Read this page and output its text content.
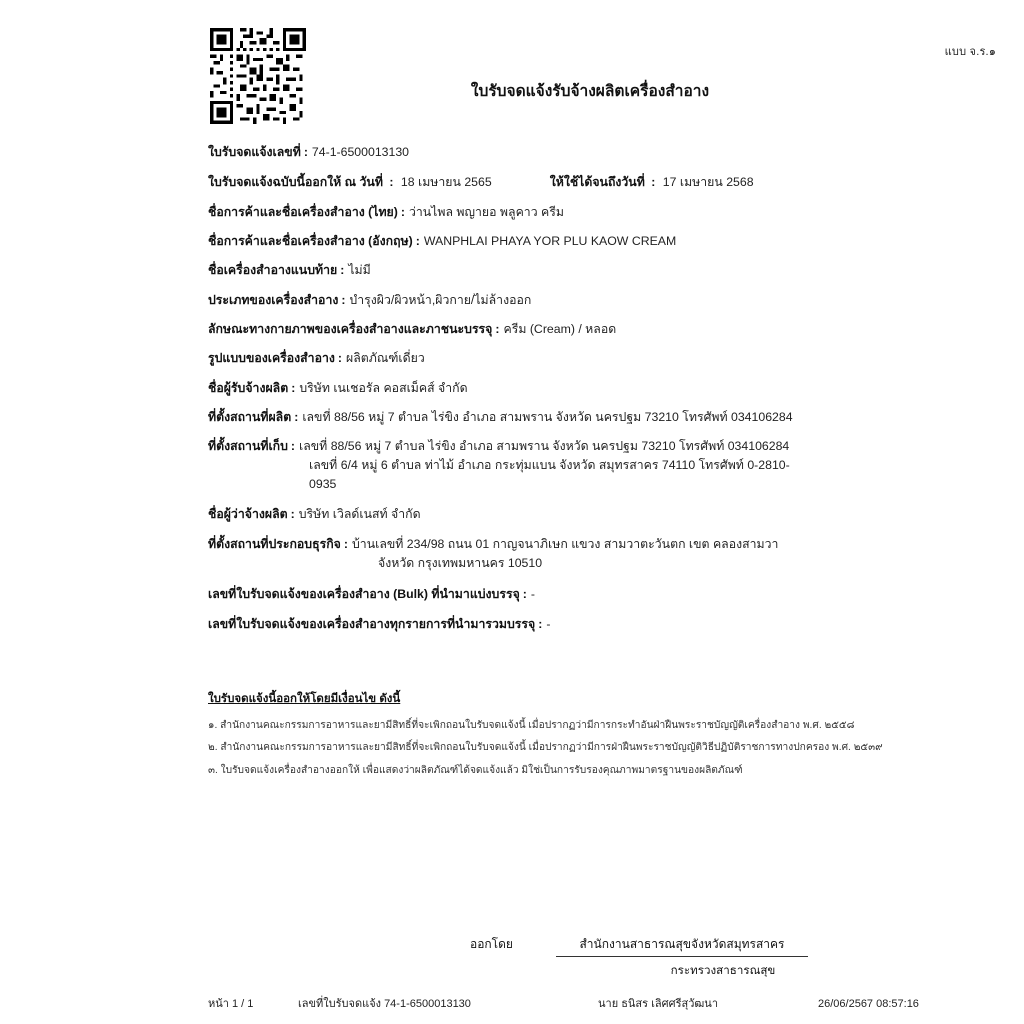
แบบ จ.ร.๑
ใบรับจดแจ้งรับจ้างผลิตเครื่องสำอาง
ใบรับจดแจ้งเลขที่ : 74-1-6500013130
ใบรับจดแจ้งฉบับนี้ออกให้ ณ วันที่ : 18 เมษายน 2565	ให้ใช้ได้จนถึงวันที่ : 17 เมษายน 2568
ชื่อการค้าและชื่อเครื่องสำอาง (ไทย) : ว่านไพล พญายอ พลูคาว ครีม
ชื่อการค้าและชื่อเครื่องสำอาง (อังกฤษ) : WANPHLAI PHAYA YOR PLU KAOW CREAM
ชื่อเครื่องสำอางแนบท้าย : ไม่มี
ประเภทของเครื่องสำอาง : บำรุงผิว/ผิวหน้า,ผิวกาย/ไม่ล้างออก
ลักษณะทางกายภาพของเครื่องสำอางและภาชนะบรรจุ : ครีม (Cream) / หลอด
รูปแบบของเครื่องสำอาง : ผลิตภัณฑ์เดี่ยว
ชื่อผู้รับจ้างผลิต : บริษัท เนเชอรัล คอสเม็คส์ จำกัด
ที่ตั้งสถานที่ผลิต : เลขที่ 88/56 หมู่ 7 ตำบล ไร่ขิง อำเภอ สามพราน จังหวัด นครปฐม 73210 โทรศัพท์ 034106284
ที่ตั้งสถานที่เก็บ : เลขที่ 88/56 หมู่ 7 ตำบล ไร่ขิง อำเภอ สามพราน จังหวัด นครปฐม 73210 โทรศัพท์ 034106284
เลขที่ 6/4 หมู่ 6 ตำบล ท่าไม้ อำเภอ กระทุ่มแบน จังหวัด สมุทรสาคร 74110 โทรศัพท์ 0-2810-
0935
ชื่อผู้ว่าจ้างผลิต : บริษัท เวิลด์เนสท์ จำกัด
ที่ตั้งสถานที่ประกอบธุรกิจ : บ้านเลขที่ 234/98 ถนน 01 กาญจนาภิเษก แขวง สามวาตะวันตก เขต คลองสามวา
จังหวัด กรุงเทพมหานคร 10510
เลขที่ใบรับจดแจ้งของเครื่องสำอาง (Bulk) ที่นำมาแบ่งบรรจุ : -
เลขที่ใบรับจดแจ้งของเครื่องสำอางทุกรายการที่นำมารวมบรรจุ : -
ใบรับจดแจ้งนี้ออกให้โดยมีเงื่อนไข ดังนี้
๑. สำนักงานคณะกรรมการอาหารและยามีสิทธิ์ที่จะเพิกถอนใบรับจดแจ้งนี้ เมื่อปรากฏว่ามีการกระทำอันฝ่าฝืนพระราชบัญญัติเครื่องสำอาง พ.ศ. ๒๕๕๘
๒. สำนักงานคณะกรรมการอาหารและยามีสิทธิ์ที่จะเพิกถอนใบรับจดแจ้งนี้ เมื่อปรากฏว่ามีการฝ่าฝืนพระราชบัญญัติวิธีปฏิบัติราชการทางปกครอง พ.ศ. ๒๕๓๙
๓. ใบรับจดแจ้งเครื่องสำอางออกให้ เพื่อแสดงว่าผลิตภัณฑ์ได้จดแจ้งแล้ว มิใช่เป็นการรับรองคุณภาพมาตรฐานของผลิตภัณฑ์
ออกโดย	สำนักงานสาธารณสุขจังหวัดสมุทรสาคร
กระทรวงสาธารณสุข
หน้า 1 / 1	เลขที่ใบรับจดแจ้ง 74-1-6500013130	นาย ธนิสร เลิศศรีสุวัฒนา	26/06/2567 08:57:16
